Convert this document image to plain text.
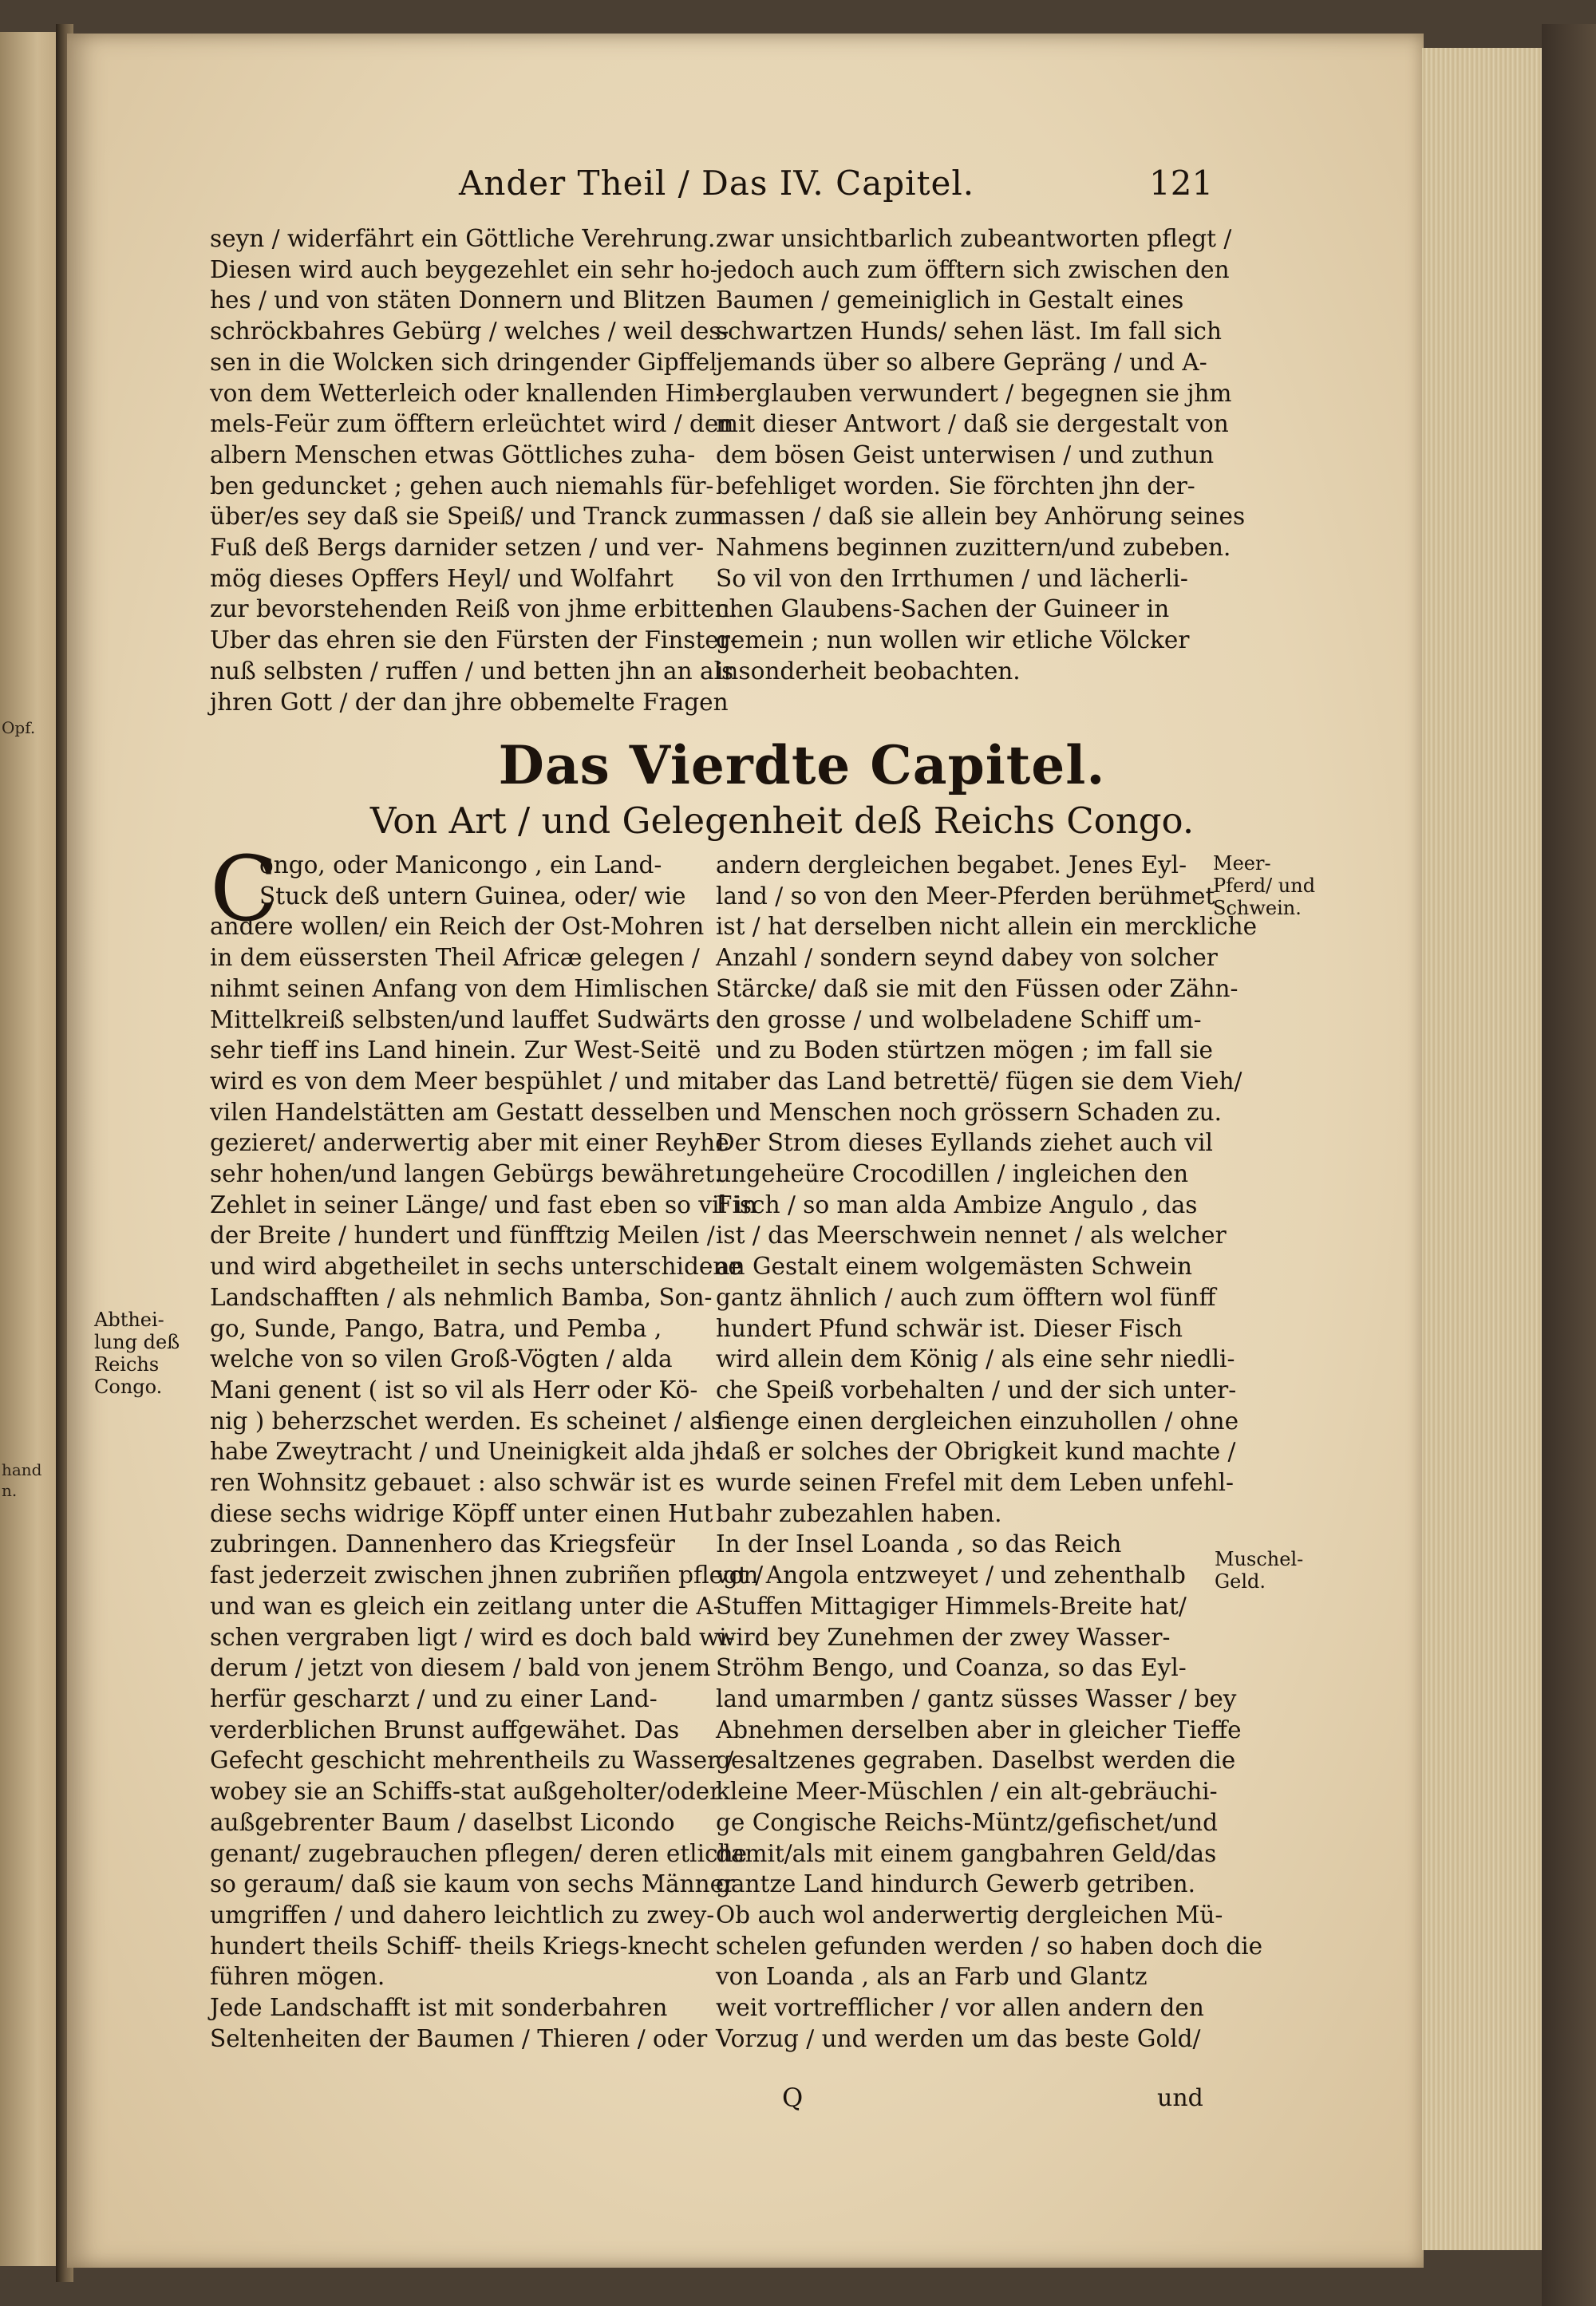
Opf.
hand
n.
Ander Theil / Das IV. Capitel.	121
seyn / widerfährt ein Göttliche Verehrung.
Diesen wird auch beygezehlet ein sehr ho-
hes / und von stäten Donnern und Blitzen
schröckbahres Gebürg / welches / weil des-
sen in die Wolcken sich dringender Gipffel
von dem Wetterleich oder knallenden Him-
mels-Feür zum öfftern erleüchtet wird / den
albern Menschen etwas Göttliches zuha-
ben geduncket ; gehen auch niemahls für-
über/es sey daß sie Speiß/ und Tranck zum
Fuß deß Bergs darnider setzen / und ver-
mög dieses Opffers Heyl/ und Wolfahrt
zur bevorstehenden Reiß von jhme erbitten.
Uber das ehren sie den Fürsten der Finster-
nuß selbsten / ruffen / und betten jhn an als
jhren Gott / der dan jhre obbemelte Fragen
zwar unsichtbarlich zubeantworten pflegt /
jedoch auch zum öfftern sich zwischen den
Baumen / gemeiniglich in Gestalt eines
schwartzen Hunds/ sehen läst. Im fall sich
jemands über so albere Gepräng / und A-
berglauben verwundert / begegnen sie jhm
mit dieser Antwort / daß sie dergestalt von
dem bösen Geist unterwisen / und zuthun
befehliget worden. Sie förchten jhn der-
massen / daß sie allein bey Anhörung seines
Nahmens beginnen zuzittern/und zubeben.
So vil von den Irrthumen / und lächerli-
chen Glaubens-Sachen der Guineer in
gemein ; nun wollen wir etliche Völcker
insonderheit beobachten.
Das Vierdte Capitel.
Von Art / und Gelegenheit deß Reichs Congo.
C
ongo, oder Manicongo , ein Land-
Stuck deß untern Guinea, oder/ wie
andere wollen/ ein Reich der Ost-Mohren
in dem eüssersten Theil Africæ gelegen /
nihmt seinen Anfang von dem Himlischen
Mittelkreiß selbsten/und lauffet Sudwärts
sehr tieff ins Land hinein. Zur West-Seitë
wird es von dem Meer bespühlet / und mit
vilen Handelstätten am Gestatt desselben
gezieret/ anderwertig aber mit einer Reyhe
sehr hohen/und langen Gebürgs bewähret.
Zehlet in seiner Länge/ und fast eben so vil in
der Breite / hundert und fünfftzig Meilen /
und wird abgetheilet in sechs unterschidene
Landschafften / als nehmlich Bamba, Son-
go, Sunde, Pango, Batra, und Pemba ,
welche von so vilen Groß-Vögten / alda
Mani genent ( ist so vil als Herr oder Kö-
nig ) beherzschet werden. Es scheinet / als
habe Zweytracht / und Uneinigkeit alda jh-
ren Wohnsitz gebauet : also schwär ist es
diese sechs widrige Köpff unter einen Hut
zubringen. Dannenhero das Kriegsfeür
fast jederzeit zwischen jhnen zubriñen pflegt /
und wan es gleich ein zeitlang unter die A-
schen vergraben ligt / wird es doch bald wi-
derum / jetzt von diesem / bald von jenem
herfür gescharzt / und zu einer Land-
verderblichen Brunst auffgewähet. Das
Gefecht geschicht mehrentheils zu Wasser /
wobey sie an Schiffs-stat außgeholter/oder
außgebrenter Baum / daselbst Licondo
genant/ zugebrauchen pflegen/ deren etliche
so geraum/ daß sie kaum von sechs Männer
umgriffen / und dahero leichtlich zu zwey-
hundert theils Schiff- theils Kriegs-knecht
führen mögen.
Jede Landschafft ist mit sonderbahren
Seltenheiten der Baumen / Thieren / oder
andern dergleichen begabet. Jenes Eyl-
land / so von den Meer-Pferden berühmet
ist / hat derselben nicht allein ein merckliche
Anzahl / sondern seynd dabey von solcher
Stärcke/ daß sie mit den Füssen oder Zähn-
den grosse / und wolbeladene Schiff um-
und zu Boden stürtzen mögen ; im fall sie
aber das Land betrettë/ fügen sie dem Vieh/
und Menschen noch grössern Schaden zu.
Der Strom dieses Eyllands ziehet auch vil
ungeheüre Crocodillen / ingleichen den
Fisch / so man alda Ambize Angulo , das
ist / das Meerschwein nennet / als welcher
an Gestalt einem wolgemästen Schwein
gantz ähnlich / auch zum öfftern wol fünff
hundert Pfund schwär ist. Dieser Fisch
wird allein dem König / als eine sehr niedli-
che Speiß vorbehalten / und der sich unter-
fienge einen dergleichen einzuhollen / ohne
daß er solches der Obrigkeit kund machte /
wurde seinen Frefel mit dem Leben unfehl-
bahr zubezahlen haben.
In der Insel Loanda , so das Reich
von Angola entzweyet / und zehenthalb
Stuffen Mittagiger Himmels-Breite hat/
wird bey Zunehmen der zwey Wasser-
Ströhm Bengo, und Coanza, so das Eyl-
land umarmben / gantz süsses Wasser / bey
Abnehmen derselben aber in gleicher Tieffe
gesaltzenes gegraben. Daselbst werden die
kleine Meer-Müschlen / ein alt-gebräuchi-
ge Congische Reichs-Müntz/gefischet/und
damit/als mit einem gangbahren Geld/das
gantze Land hindurch Gewerb getriben.
Ob auch wol anderwertig dergleichen Mü-
schelen gefunden werden / so haben doch die
von Loanda , als an Farb und Glantz
weit vortrefflicher / vor allen andern den
Vorzug / und werden um das beste Gold/
Meer-
Pferd/ und
Schwein.
Abthei-
lung deß
Reichs
Congo.
Muschel-
Geld.
Q	und
